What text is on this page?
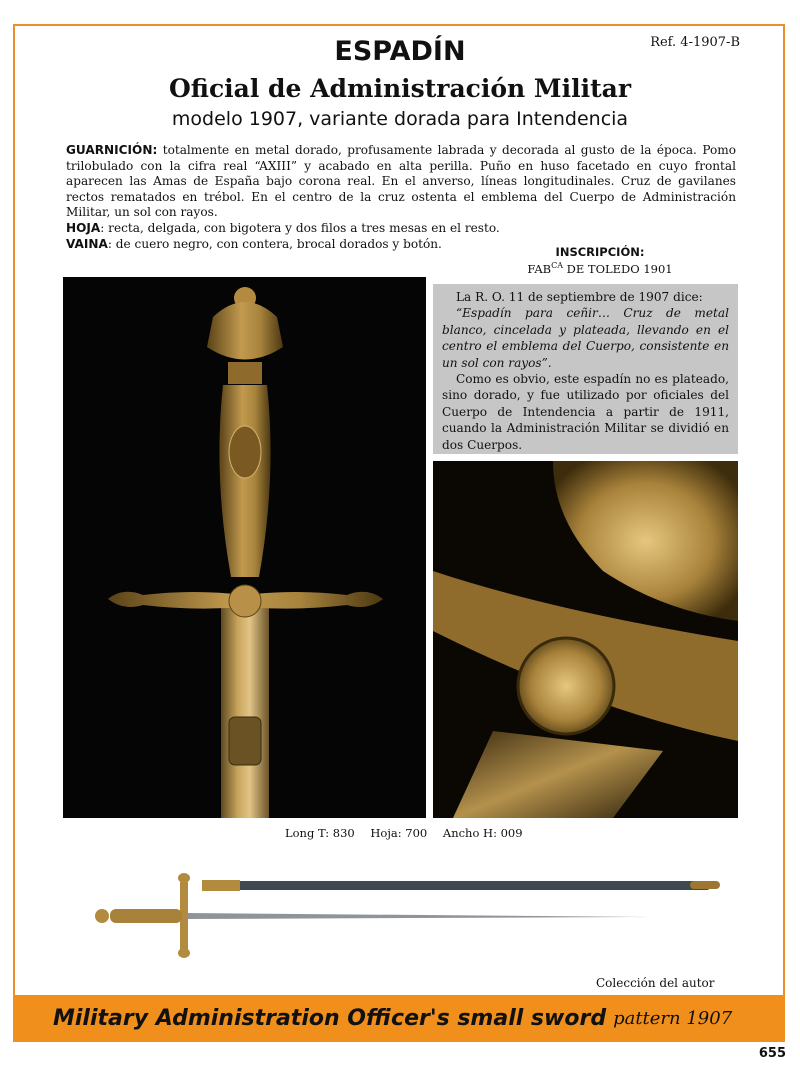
Ref. 4-1907-B
ESPADÍN
Oficial de Administración Militar
modelo 1907, variante dorada para Intendencia

GUARNICIÓN: totalmente en metal dorado, profusamente labrada y decorada al gusto de la época. Pomo trilobulado con la cifra real “AXIII” y acabado en alta perilla. Puño en huso facetado en cuyo frontal aparecen las Amas de España bajo corona real. En el anverso, líneas longitudinales. Cruz de gavilanes rectos rematados en trébol. En el centro de la cruz ostenta el emblema del Cuerpo de Administración Militar, un sol con rayos.

HOJA: recta, delgada, con bigotera y dos filos a tres mesas en el resto.

VAINA: de cuero negro, con contera, brocal dorados y botón.

INSCRIPCIÓN:
$FAB^{CA}$ DE TOLEDO 1901

La R. O. 11 de septiembre de 1907 dice:

“Espadín para ceñir… Cruz de metal blanco, cincelada y plateada, llevando en el centro el emblema del Cuerpo, consistente en un sol con rayos”.

Como es obvio, este espadín no es plateado, sino dorado, y fue utilizado por oficiales del Cuerpo de Intendencia a partir de 1911, cuando la Administración Militar se dividió en dos Cuerpos.

Long T: 830 Hoja: 700 Ancho H: 009
Colección del autor
Military Administration Officer's small sword pattern 1907
655
